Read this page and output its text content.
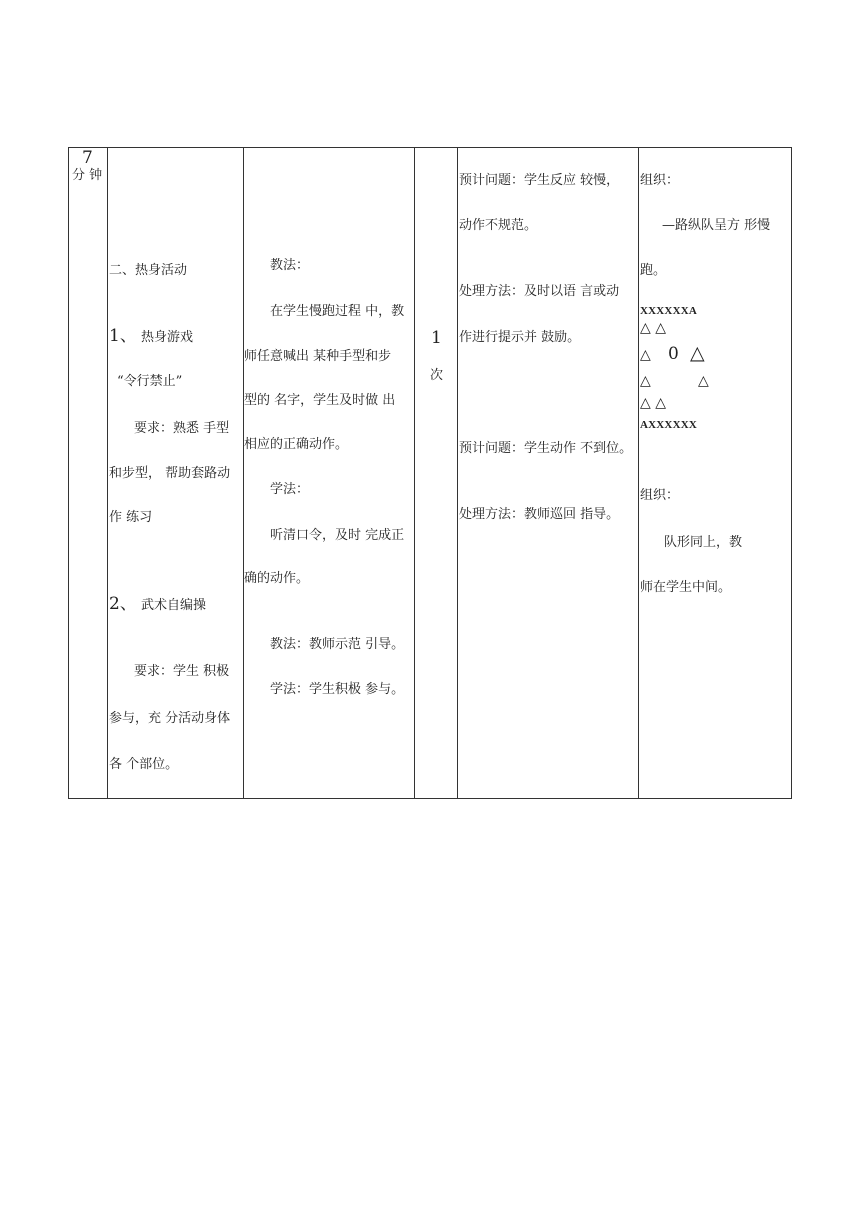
7
分 钟
二、热身活动
1、 热身游戏
“令行禁止”
要求：熟悉 手型
和步型， 帮助套路动
作 练习
2、 武术自编操
要求：学生 积极
参与，充 分活动身体
各 个部位。
教法：
在学生慢跑过程 中，教
师任意喊出 某种手型和步
型的 名字，学生及时做 出
相应的正确动作。
学法：
听清口令，及时 完成正
确的动作。
教法：教师示范 引导。
学法：学生积极 参与。
1
次
预计问题：学生反应 较慢，
动作不规范。
处理方法：及时以语 言或动
作进行提示并 鼓励。
预计问题：学生动作 不到位。
处理方法：教师巡回 指导。
组织：
—路纵队呈方 形慢
跑。
XXXXXXA
△ △
△ 0 △
△	△
△ △
AXXXXXX
组织：
队形同上，教
师在学生中间。
